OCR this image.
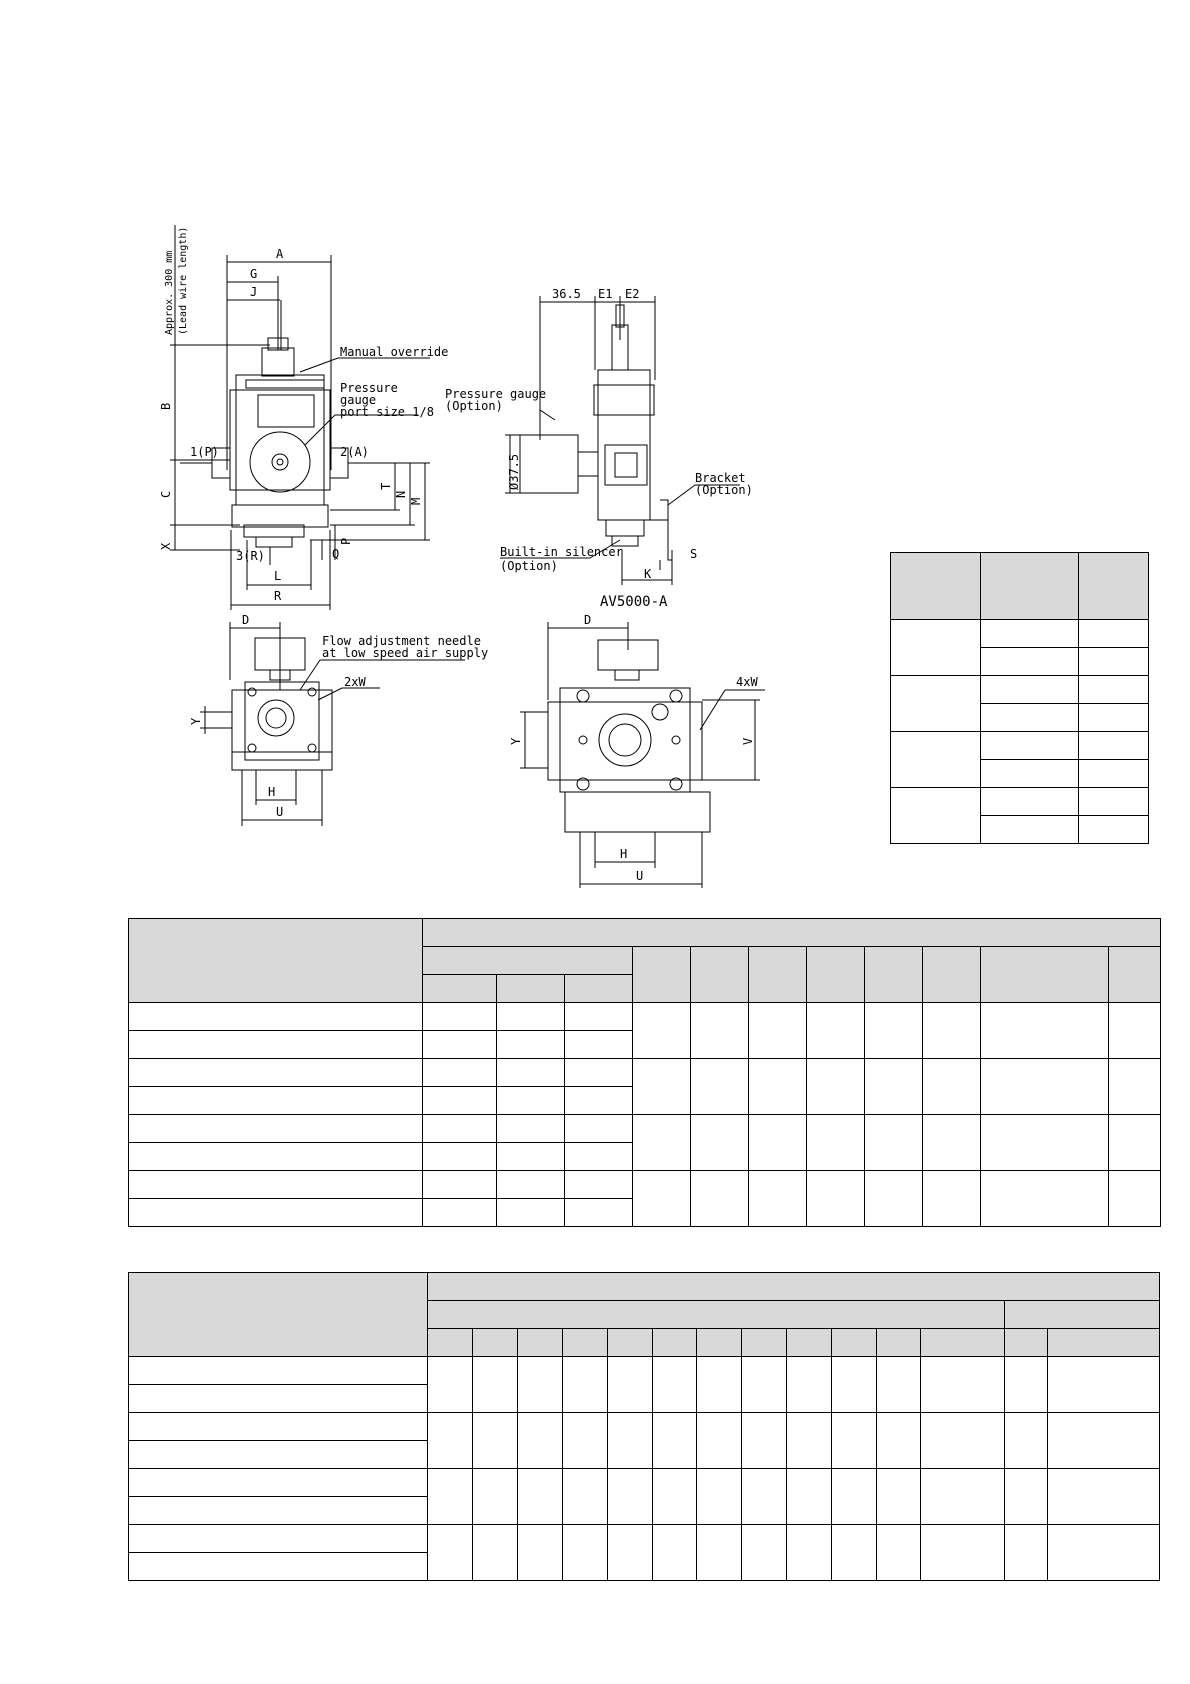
A
G
J
B
C
X
T
N
M
P
Q
L
R
Approx. 300 mm (Lead wire length)
Manual override
Pressure
gauge
port size 1/8
1(P)	2(A)
3(R)
36.5 E1 E2
Pressure gauge
(Option)
Ø37.5	Bracket
(Option)
Built-in silencer
(Option)
K
S
D
Y
H
U
Flow adjustment needle
at low speed air supply
2xW
AV5000-A
D
Y	V
H
U
4xW
